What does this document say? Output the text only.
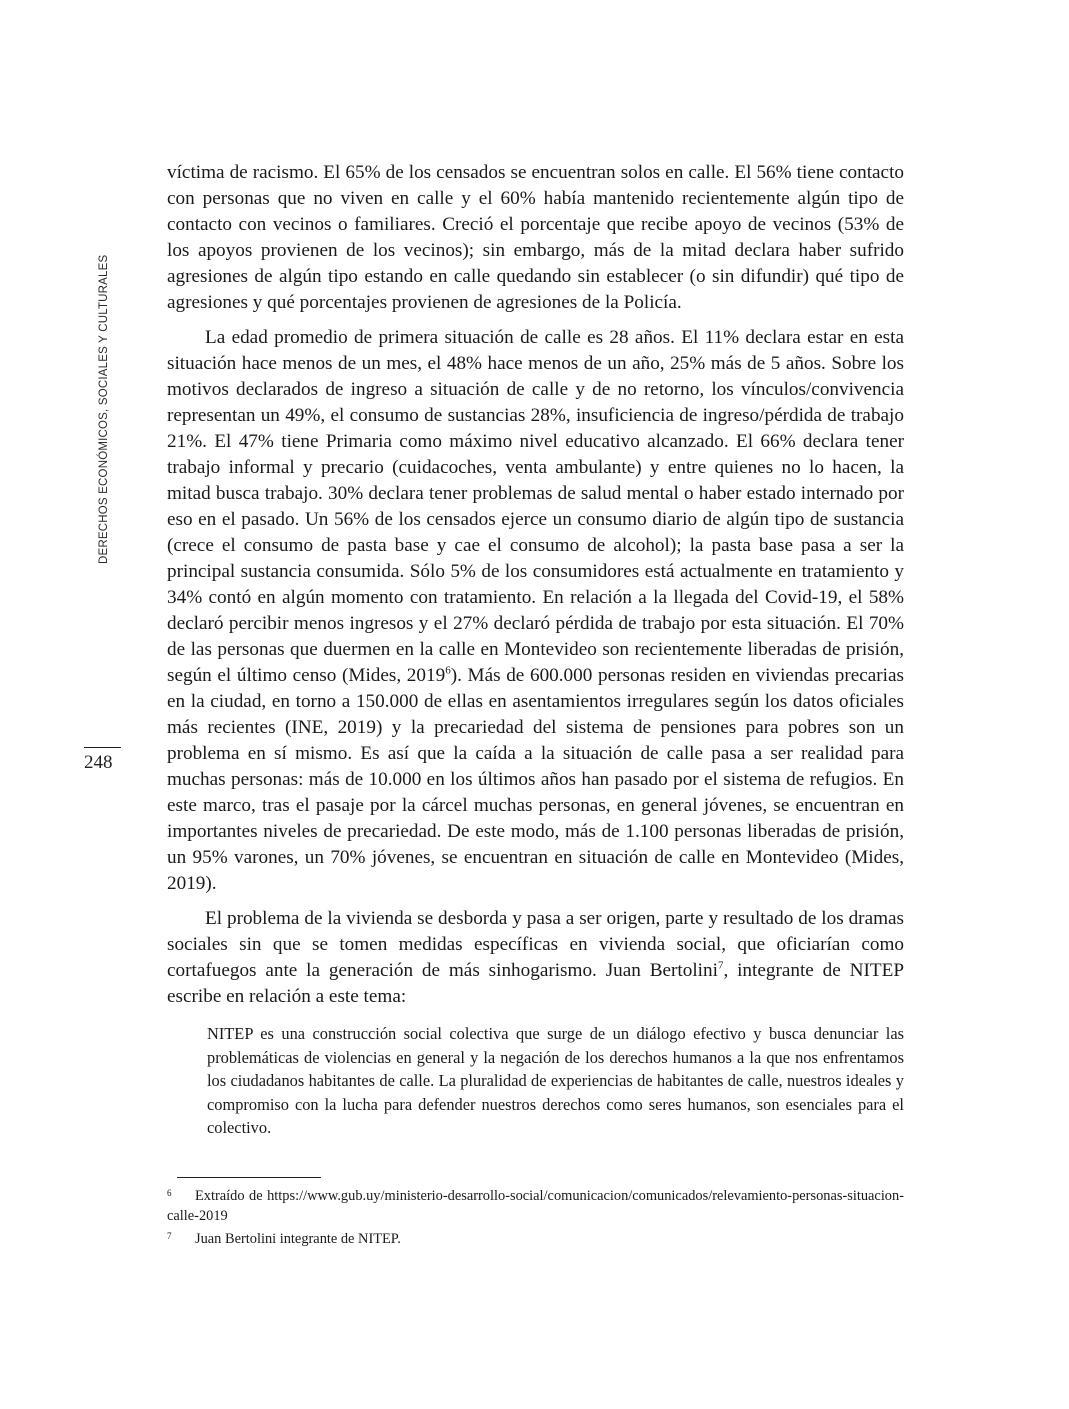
DERECHOS ECONÓMICOS, SOCIALES Y CULTURALES
248

víctima de racismo. El 65% de los censados se encuentran solos en calle. El 56% tiene contacto con personas que no viven en calle y el 60% había mantenido recientemente algún tipo de contacto con vecinos o familiares. Creció el porcentaje que recibe apoyo de vecinos (53% de los apoyos provienen de los vecinos); sin embargo, más de la mitad declara haber sufrido agresiones de algún tipo estando en calle quedando sin establecer (o sin difundir) qué tipo de agresiones y qué porcentajes provienen de agresiones de la Policía.

La edad promedio de primera situación de calle es 28 años. El 11% declara estar en esta situación hace menos de un mes, el 48% hace menos de un año, 25% más de 5 años. Sobre los motivos declarados de ingreso a situación de calle y de no retorno, los vínculos/convivencia representan un 49%, el consumo de sustancias 28%, insuficiencia de ingreso/pérdida de trabajo 21%. El 47% tiene Primaria como máximo nivel educativo alcanzado. El 66% declara tener trabajo informal y precario (cuidacoches, venta ambulante) y entre quienes no lo hacen, la mitad busca trabajo. 30% declara tener problemas de salud mental o haber estado internado por eso en el pasado. Un 56% de los censados ejerce un consumo diario de algún tipo de sustancia (crece el consumo de pasta base y cae el consumo de alcohol); la pasta base pasa a ser la principal sustancia consumida. Sólo 5% de los consumidores está actualmente en tratamiento y 34% contó en algún momento con tratamiento. En relación a la llegada del Covid-19, el 58% declaró percibir menos ingresos y el 27% declaró pérdida de trabajo por esta situación. El 70% de las personas que duermen en la calle en Montevideo son recientemente liberadas de prisión, según el último censo (Mides, 2019$^6$). Más de 600.000 personas residen en viviendas precarias en la ciudad, en torno a 150.000 de ellas en asentamientos irregulares según los datos oficiales más recientes (INE, 2019) y la precariedad del sistema de pensiones para pobres son un problema en sí mismo. Es así que la caída a la situación de calle pasa a ser realidad para muchas personas: más de 10.000 en los últimos años han pasado por el sistema de refugios. En este marco, tras el pasaje por la cárcel muchas personas, en general jóvenes, se encuentran en importantes niveles de precariedad. De este modo, más de 1.100 personas liberadas de prisión, un 95% varones, un 70% jóvenes, se encuentran en situación de calle en Montevideo (Mides, 2019).

El problema de la vivienda se desborda y pasa a ser origen, parte y resultado de los dramas sociales sin que se tomen medidas específicas en vivienda social, que oficiarían como cortafuegos ante la generación de más sinhogarismo. Juan Bertolini$^7$, integrante de NITEP escribe en relación a este tema:

NITEP es una construcción social colectiva que surge de un diálogo efectivo y busca denunciar las problemáticas de violencias en general y la negación de los derechos humanos a la que nos enfrentamos los ciudadanos habitantes de calle. La pluralidad de experiencias de habitantes de calle, nuestros ideales y compromiso con la lucha para defender nuestros derechos como seres humanos, son esenciales para el colectivo.

6 Extraído de https://www.gub.uy/ministerio-desarrollo-social/comunicacion/comunicados/relevamiento-personas-situacion-calle-2019

7 Juan Bertolini integrante de NITEP.
